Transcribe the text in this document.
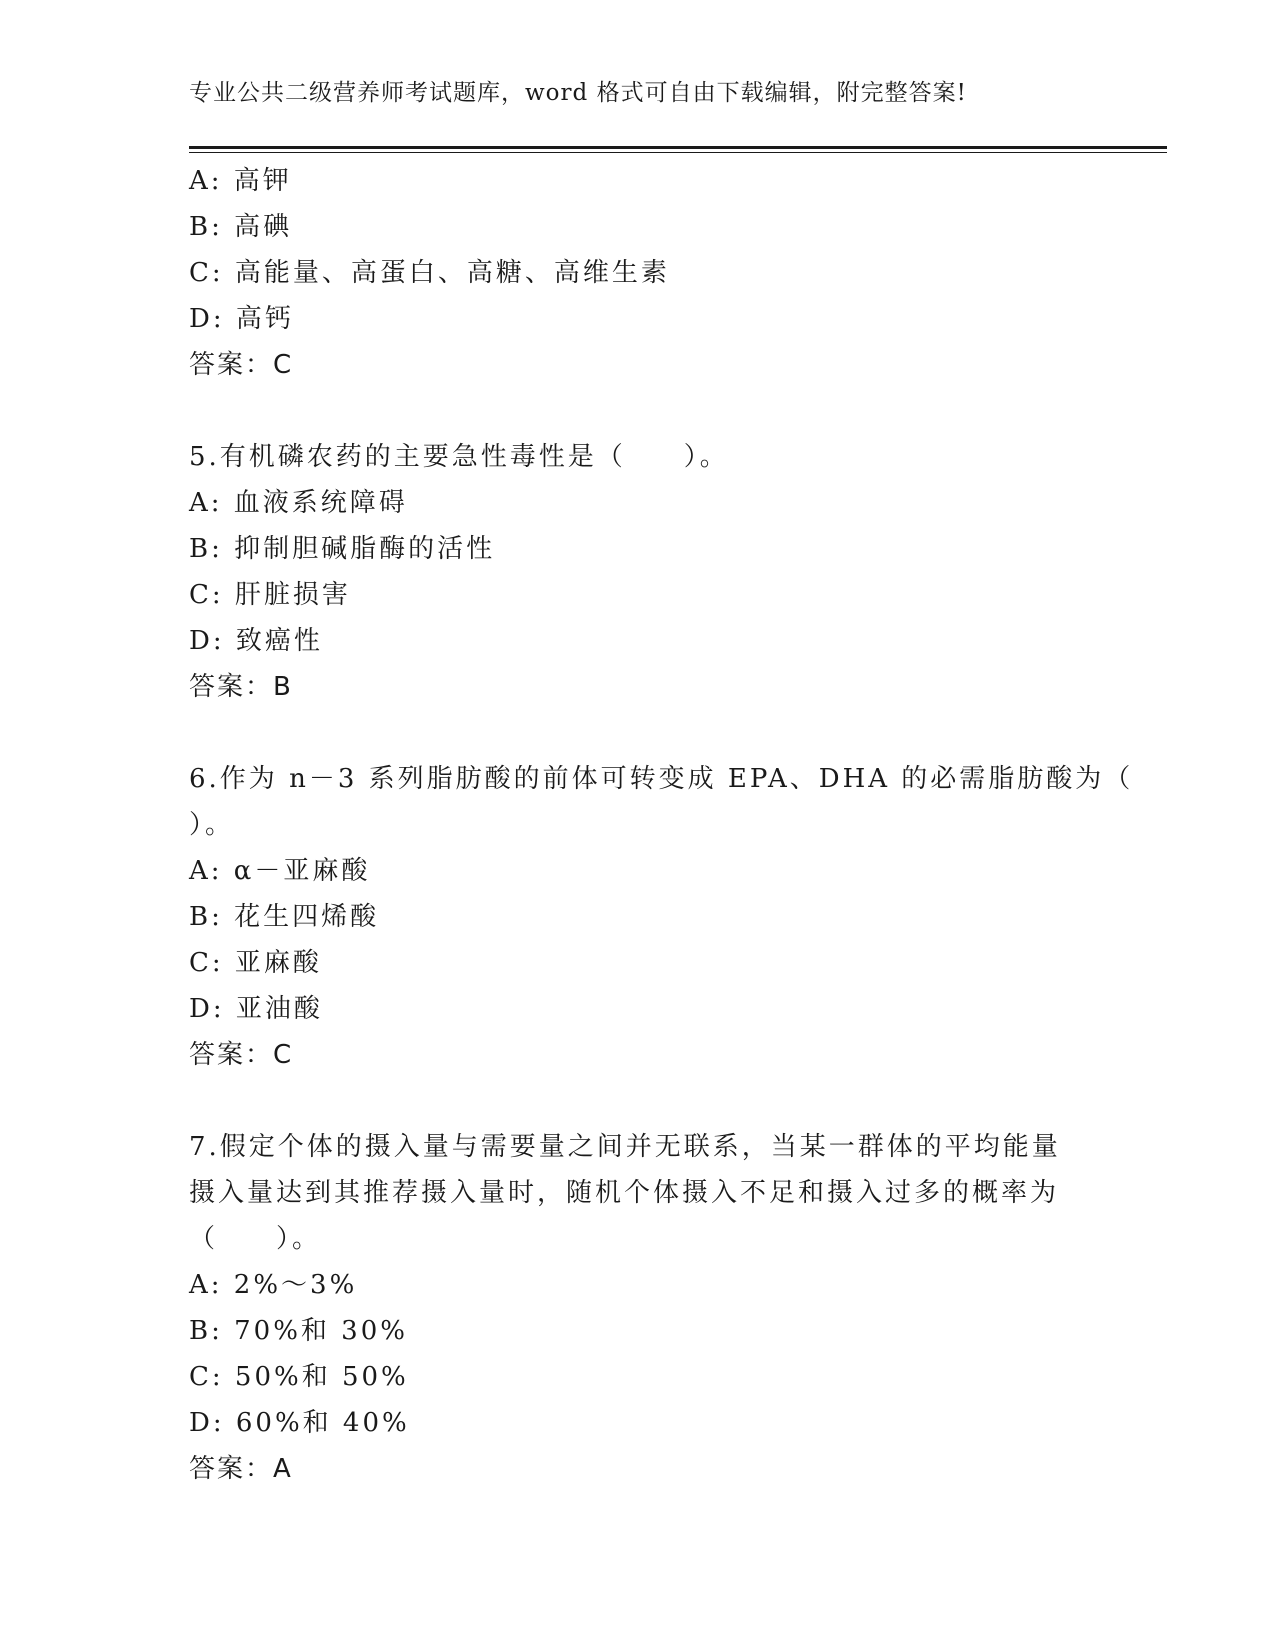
专业公共二级营养师考试题库，word 格式可自由下载编辑，附完整答案!
A: 高钾
B: 高碘
C: 高能量、高蛋白、高糖、高维生素
D: 高钙
答案：C
5.有机磷农药的主要急性毒性是（　　）。
A: 血液系统障碍
B: 抑制胆碱脂酶的活性
C: 肝脏损害
D: 致癌性
答案：B
6.作为 n－3 系列脂肪酸的前体可转变成 EPA、DHA 的必需脂肪酸为（
）。
A: α－亚麻酸
B: 花生四烯酸
C: 亚麻酸
D: 亚油酸
答案：C
7.假定个体的摄入量与需要量之间并无联系，当某一群体的平均能量
摄入量达到其推荐摄入量时，随机个体摄入不足和摄入过多的概率为
（　　）。
A: 2%～3%
B: 70%和 30%
C: 50%和 50%
D: 60%和 40%
答案：A
